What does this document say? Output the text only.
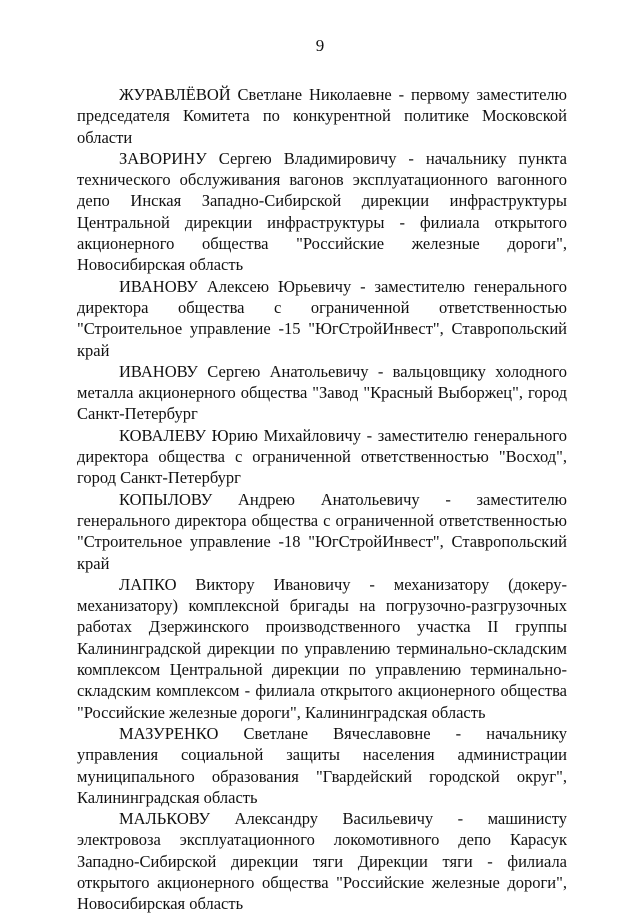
9

ЖУРАВЛЁВОЙ Светлане Николаевне - первому заместителю председателя Комитета по конкурентной политике Московской области

ЗАВОРИНУ Сергею Владимировичу - начальнику пункта технического обслуживания вагонов эксплуатационного вагонного депо Инская Западно-Сибирской дирекции инфраструктуры Центральной дирекции инфраструктуры - филиала открытого акционерного общества "Российские железные дороги", Новосибирская область

ИВАНОВУ Алексею Юрьевичу - заместителю генерального директора общества с ограниченной ответственностью "Строительное управление -15 "ЮгСтройИнвест", Ставропольский край

ИВАНОВУ Сергею Анатольевичу - вальцовщику холодного металла акционерного общества "Завод "Красный Выборжец", город Санкт-Петербург

КОВАЛЕВУ Юрию Михайловичу - заместителю генерального директора общества с ограниченной ответственностью "Восход", город Санкт-Петербург

КОПЫЛОВУ Андрею Анатольевичу - заместителю генерального директора общества с ограниченной ответственностью "Строительное управление -18 "ЮгСтройИнвест", Ставропольский край

ЛАПКО Виктору Ивановичу - механизатору (докеру-механизатору) комплексной бригады на погрузочно-разгрузочных работах Дзержинского производственного участка II группы Калининградской дирекции по управлению терминально-складским комплексом Центральной дирекции по управлению терминально-складским комплексом - филиала открытого акционерного общества "Российские железные дороги", Калининградская область

МАЗУРЕНКО Светлане Вячеславовне - начальнику управления социальной защиты населения администрации муниципального образования "Гвардейский городской округ", Калининградская область

МАЛЬКОВУ Александру Васильевичу - машинисту электровоза эксплуатационного локомотивного депо Карасук Западно-Сибирской дирекции тяги Дирекции тяги - филиала открытого акционерного общества "Российские железные дороги", Новосибирская область
